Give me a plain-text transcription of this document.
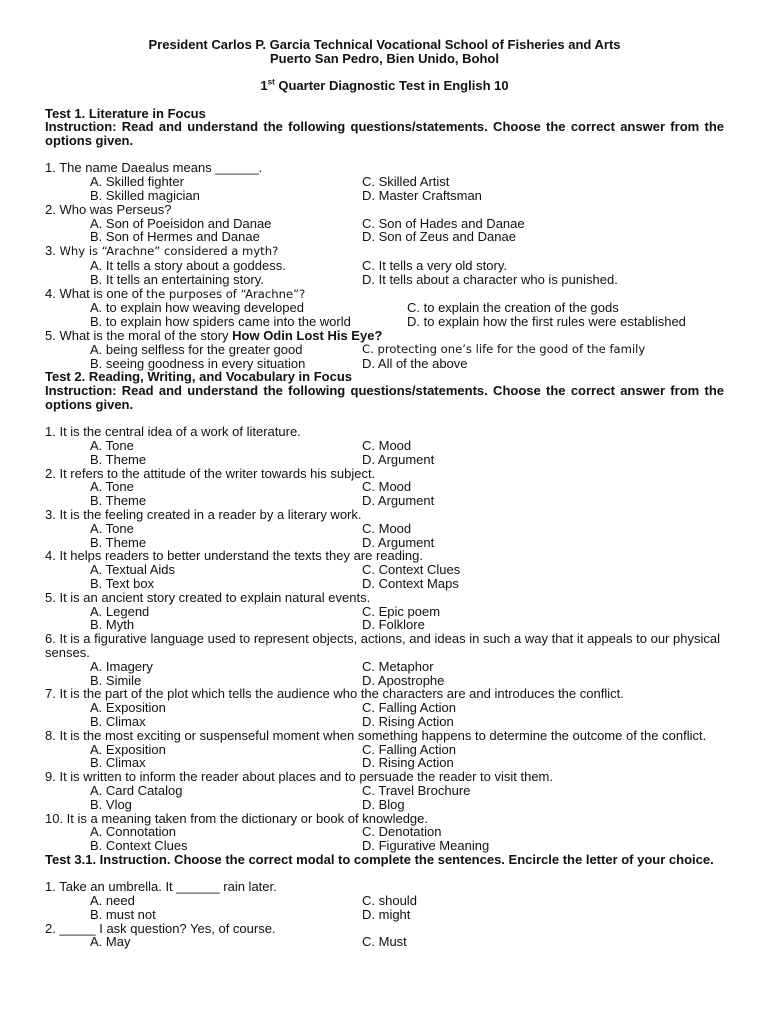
President Carlos P. Garcia Technical Vocational School of Fisheries and Arts
Puerto San Pedro, Bien Unido, Bohol
1st Quarter Diagnostic Test in English 10
Test 1. Literature in Focus
Instruction: Read and understand the following questions/statements. Choose the correct answer from the options given.
1. The name Daealus means ______.
A. Skilled fighter	C. Skilled Artist
B. Skilled magician	D. Master Craftsman
2. Who was Perseus?
A. Son of Poeisidon and Danae	C. Son of Hades and Danae
B. Son of Hermes and Danae	D. Son of Zeus and Danae
3. Why is “Arachne” considered a myth?
A. It tells a story about a goddess.	C. It tells a very old story.
B. It tells an entertaining story.	D. It tells about a character who is punished.
4. What is one of the purposes of “Arachne”?
A. to explain how weaving developed	C. to explain the creation of the gods
B. to explain how spiders came into the world	D. to explain how the first rules were established
5. What is the moral of the story How Odin Lost His Eye?
A. being selfless for the greater good	C. protecting one’s life for the good of the family
B. seeing goodness in every situation	D. All of the above
Test 2. Reading, Writing, and Vocabulary in Focus
Instruction: Read and understand the following questions/statements. Choose the correct answer from the options given.
1. It is the central idea of a work of literature.
A. Tone	C. Mood
B. Theme	D. Argument
2. It refers to the attitude of the writer towards his subject.
A. Tone	C. Mood
B. Theme	D. Argument
3. It is the feeling created in a reader by a literary work.
A. Tone	C. Mood
B. Theme	D. Argument
4. It helps readers to better understand the texts they are reading.
A. Textual Aids	C. Context Clues
B. Text box	D. Context Maps
5. It is an ancient story created to explain natural events.
A. Legend	C. Epic poem
B. Myth	D. Folklore
6. It is a figurative language used to represent objects, actions, and ideas in such a way that it appeals to our physical senses.
A. Imagery	C. Metaphor
B. Simile	D. Apostrophe
7. It is the part of the plot which tells the audience who the characters are and introduces the conflict.
A. Exposition	C. Falling Action
B. Climax	D. Rising Action
8. It is the most exciting or suspenseful moment when something happens to determine the outcome of the conflict.
A. Exposition	C. Falling Action
B. Climax	D. Rising Action
9. It is written to inform the reader about places and to persuade the reader to visit them.
A. Card Catalog	C. Travel Brochure
B. Vlog	D. Blog
10. It is a meaning taken from the dictionary or book of knowledge.
A. Connotation	C. Denotation
B. Context Clues	D. Figurative Meaning
Test 3.1. Instruction. Choose the correct modal to complete the sentences. Encircle the letter of your choice.
1. Take an umbrella. It ______ rain later.
A. need	C. should
B. must not	D. might
2. _____ I ask question? Yes, of course.
A. May	C. Must
